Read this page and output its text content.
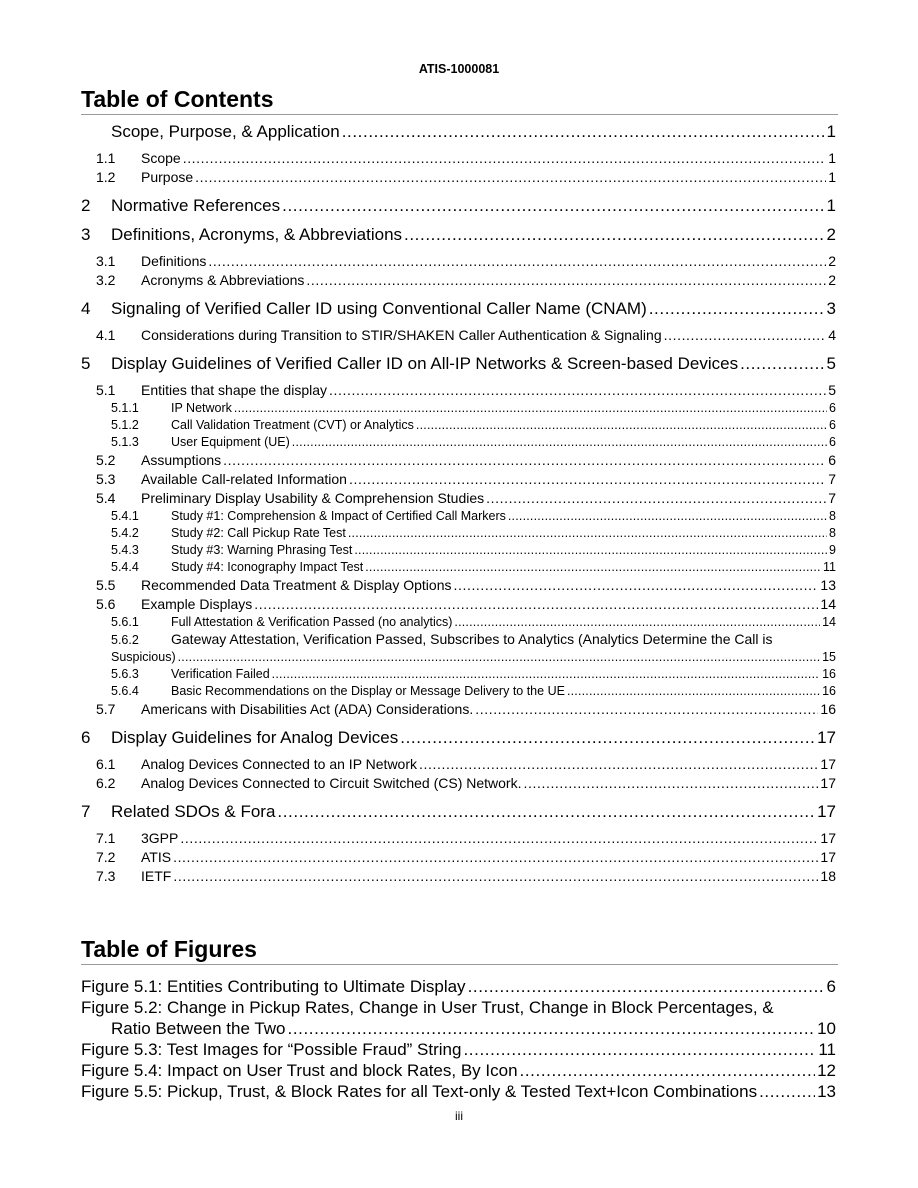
ATIS-1000081
Table of Contents
Scope, Purpose, & Application .....	1
1.1	Scope .....	1
1.2	Purpose .....	1
2	Normative References .....	1
3	Definitions, Acronyms, & Abbreviations .....	2
3.1	Definitions .....	2
3.2	Acronyms & Abbreviations .....	2
4	Signaling of Verified Caller ID using Conventional Caller Name (CNAM) .....	3
4.1	Considerations during Transition to STIR/SHAKEN Caller Authentication & Signaling .....	4
5	Display Guidelines of Verified Caller ID on All-IP Networks & Screen-based Devices .....	5
5.1	Entities that shape the display .....	5
5.1.1	IP Network .....	6
5.1.2	Call Validation Treatment (CVT) or Analytics .....	6
5.1.3	User Equipment (UE) .....	6
5.2	Assumptions .....	6
5.3	Available Call-related Information .....	7
5.4	Preliminary Display Usability & Comprehension Studies .....	7
5.4.1	Study #1: Comprehension & Impact of Certified Call Markers .....	8
5.4.2	Study #2: Call Pickup Rate Test .....	8
5.4.3	Study #3: Warning Phrasing Test .....	9
5.4.4	Study #4: Iconography Impact Test .....	11
5.5	Recommended Data Treatment & Display Options .....	13
5.6	Example Displays .....	14
5.6.1	Full Attestation & Verification Passed (no analytics) .....	14
5.6.2 Gateway Attestation, Verification Passed, Subscribes to Analytics (Analytics Determine the Call is
Suspicious) .....	15
5.6.3	Verification Failed .....	16
5.6.4	Basic Recommendations on the Display or Message Delivery to the UE .....	16
5.7	Americans with Disabilities Act (ADA) Considerations. .....	16
6	Display Guidelines for Analog Devices .....	17
6.1	Analog Devices Connected to an IP Network .....	17
6.2	Analog Devices Connected to Circuit Switched (CS) Network. .....	17
7	Related SDOs & Fora .....	17
7.1	3GPP .....	17
7.2	ATIS .....	17
7.3	IETF .....	18
Table of Figures
Figure 5.1: Entities Contributing to Ultimate Display .....	6
Figure 5.2: Change in Pickup Rates, Change in User Trust, Change in Block Percentages, &
Ratio Between the Two .....	10
Figure 5.3: Test Images for “Possible Fraud” String .....	11
Figure 5.4: Impact on User Trust and block Rates, By Icon .....	12
Figure 5.5: Pickup, Trust, & Block Rates for all Text-only & Tested Text+Icon Combinations .....	13
iii
